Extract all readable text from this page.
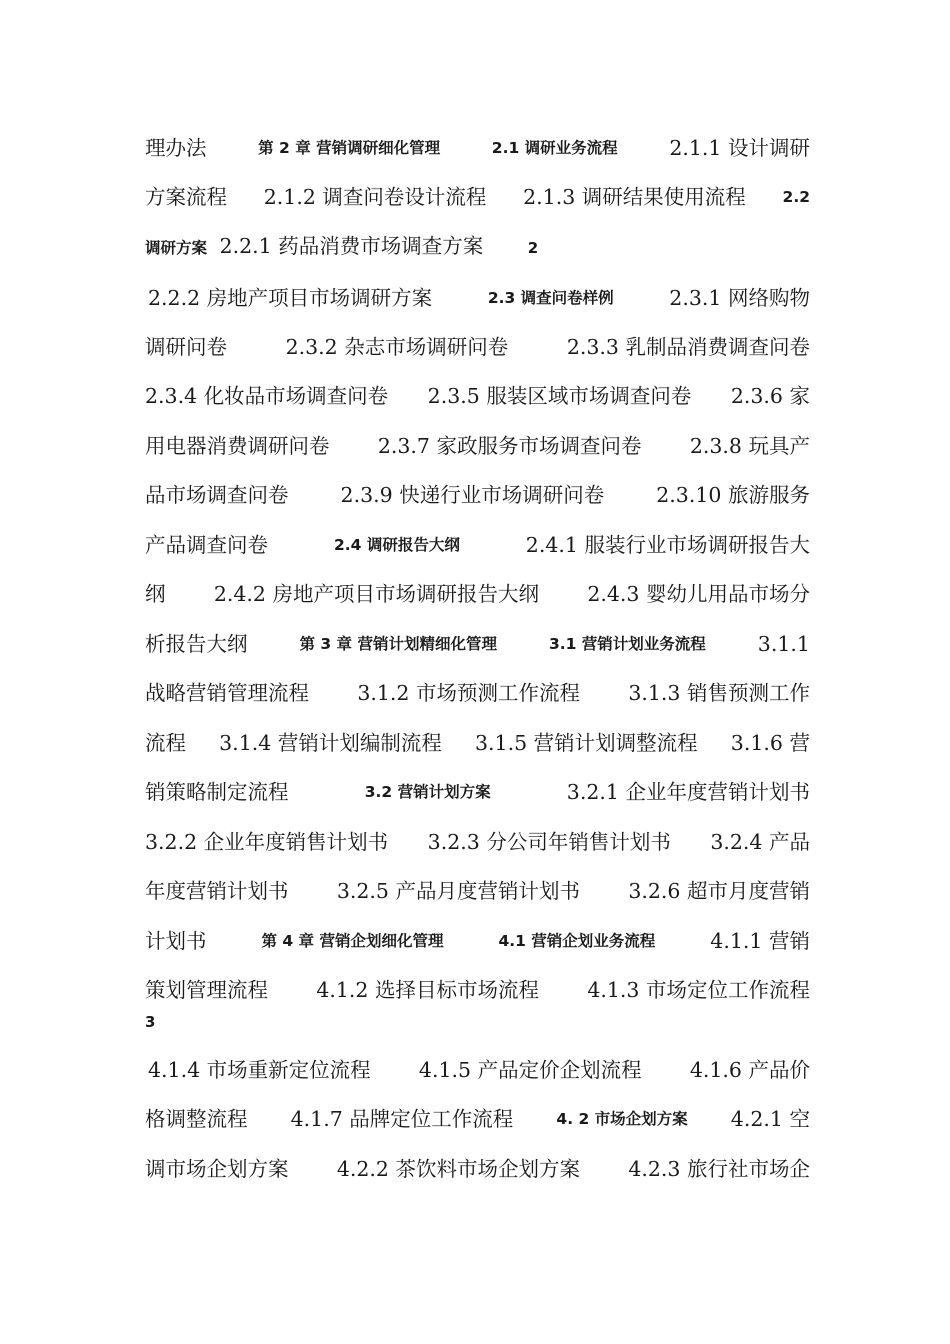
理办法	第 2 章 营销调研细化管理	2.1 调研业务流程	2.1.1 设计调研
方案流程 2.1.2 调查问卷设计流程 2.1.3 调研结果使用流程 2.2
调研方案 2.2.1 药品消费市场调查方案	2
2.2.2 房地产项目市场调研方案	2.3 调查问卷样例	2.3.1 网络购物
调研问卷	2.3.2 杂志市场调研问卷	2.3.3 乳制品消费调查问卷
2.3.4 化妆品市场调查问卷 2.3.5 服装区域市场调查问卷 2.3.6 家
用电器消费调研问卷 2.3.7 家政服务市场调查问卷 2.3.8 玩具产
品市场调查问卷	2.3.9 快递行业市场调研问卷	2.3.10 旅游服务
产品调查问卷	2.4 调研报告大纲	2.4.1 服装行业市场调研报告大
纲 2.4.2 房地产项目市场调研报告大纲 2.4.3 婴幼儿用品市场分
析报告大纲	第 3 章 营销计划精细化管理	3.1 营销计划业务流程	3.1.1
战略营销管理流程 3.1.2 市场预测工作流程 3.1.3 销售预测工作
流程 3.1.4 营销计划编制流程 3.1.5 营销计划调整流程 3.1.6 营
销策略制定流程	3.2 营销计划方案	3.2.1 企业年度营销计划书
3.2.2 企业年度销售计划书 3.2.3 分公司年销售计划书 3.2.4 产品
年度营销计划书 3.2.5 产品月度营销计划书 3.2.6 超市月度营销
计划书	第 4 章 营销企划细化管理	4.1 营销企划业务流程	4.1.1 营销
策划管理流程 4.1.2 选择目标市场流程 4.1.3 市场定位工作流程
3
4.1.4 市场重新定位流程 4.1.5 产品定价企划流程 4.1.6 产品价
格调整流程 4.1.7 品牌定位工作流程	4. 2 市场企划方案 4.2.1 空
调市场企划方案 4.2.2 茶饮料市场企划方案 4.2.3 旅行社市场企
